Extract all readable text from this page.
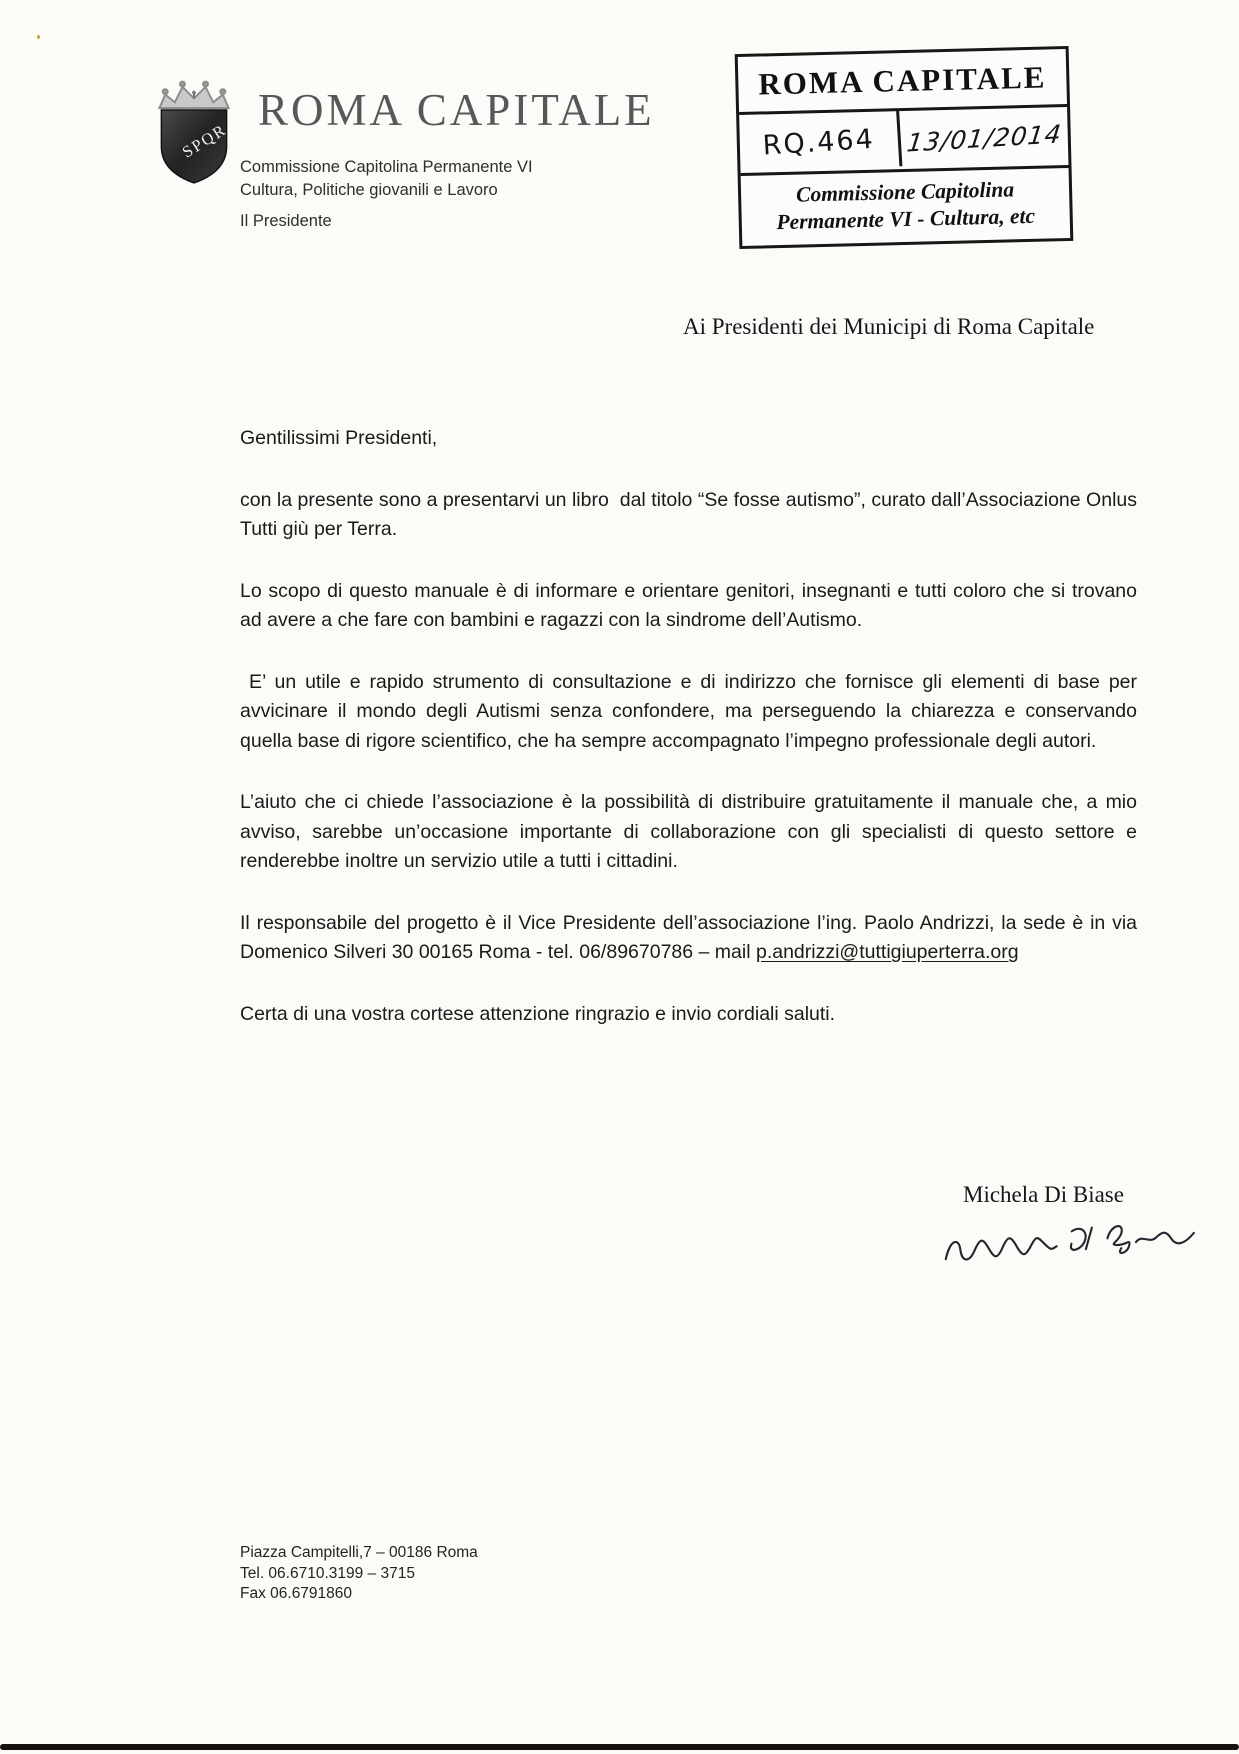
SPQR
ROMA CAPITALE
Commissione Capitolina Permanente VI
Cultura, Politiche giovanili e Lavoro
Il Presidente
ROMA CAPITALE
RQ.464	13/01/2014
Commissione Capitolina
Permanente VI - Cultura, etc
Ai Presidenti dei Municipi di Roma Capitale

Gentilissimi Presidenti,

con la presente sono a presentarvi un libro  dal titolo “Se fosse autismo”, curato dall’Associazione Onlus Tutti giù per Terra.

Lo scopo di questo manuale è di informare e orientare genitori, insegnanti e tutti coloro che si trovano ad avere a che fare con bambini e ragazzi con la sindrome dell’Autismo.

E’ un utile e rapido strumento di consultazione e di indirizzo che fornisce gli elementi di base per avvicinare il mondo degli Autismi senza confondere, ma perseguendo la chiarezza e conservando quella base di rigore scientifico, che ha sempre accompagnato l’impegno professionale degli autori.

L’aiuto che ci chiede l’associazione è la possibilità di distribuire gratuitamente il manuale che, a mio avviso, sarebbe un’occasione importante di collaborazione con gli specialisti di questo settore e renderebbe inoltre un servizio utile a tutti i cittadini.

Il responsabile del progetto è il Vice Presidente dell’associazione l’ing. Paolo Andrizzi, la sede è in via Domenico Silveri 30 00165 Roma - tel. 06/89670786 – mail p.andrizzi@tuttigiuperterra.org

Certa di una vostra cortese attenzione ringrazio e invio cordiali saluti.

Michela Di Biase
Piazza Campitelli,7 – 00186 Roma
Tel. 06.6710.3199 – 3715
Fax 06.6791860
